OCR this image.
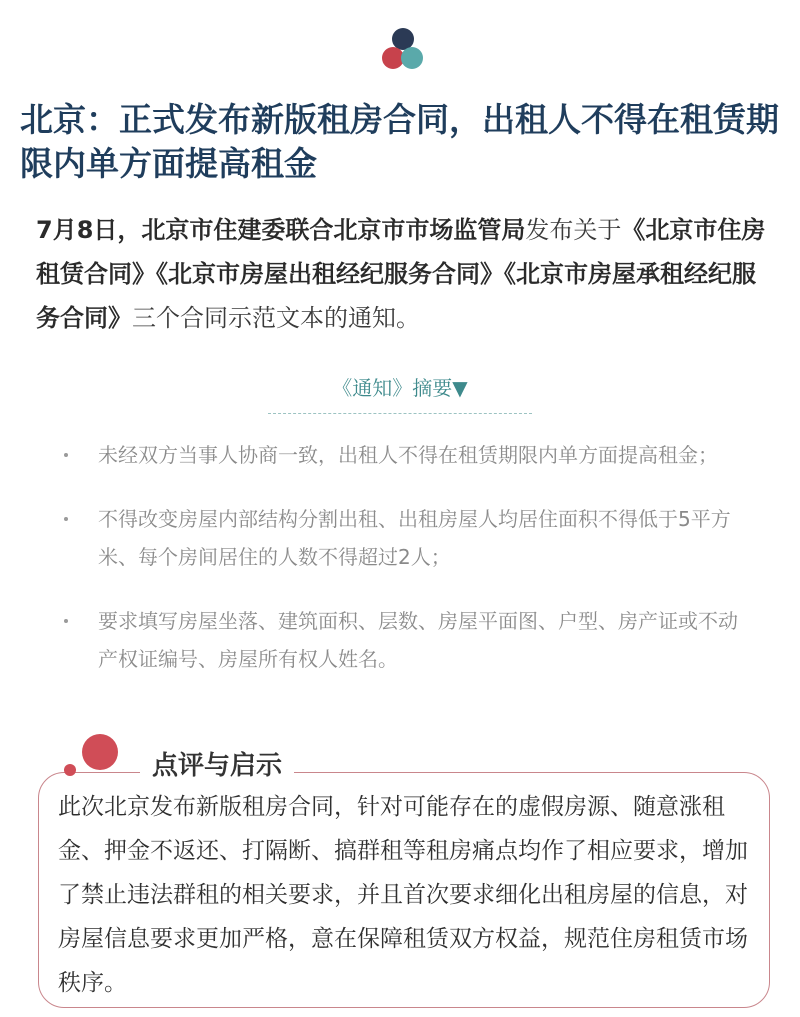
北京：正式发布新版租房合同，出租人不得在租赁期限内单方面提高租金

7月8日，北京市住建委联合北京市市场监管局发布关于《北京市住房租赁合同》《北京市房屋出租经纪服务合同》《北京市房屋承租经纪服务合同》三个合同示范文本的通知。

《通知》摘要▼
未经双方当事人协商一致，出租人不得在租赁期限内单方面提高租金；
不得改变房屋内部结构分割出租、出租房屋人均居住面积不得低于5平方米、每个房间居住的人数不得超过2人；
要求填写房屋坐落、建筑面积、层数、房屋平面图、户型、房产证或不动产权证编号、房屋所有权人姓名。
点评与启示

此次北京发布新版租房合同，针对可能存在的虚假房源、随意涨租金、押金不返还、打隔断、搞群租等租房痛点均作了相应要求，增加了禁止违法群租的相关要求，并且首次要求细化出租房屋的信息，对房屋信息要求更加严格，意在保障租赁双方权益，规范住房租赁市场秩序。
